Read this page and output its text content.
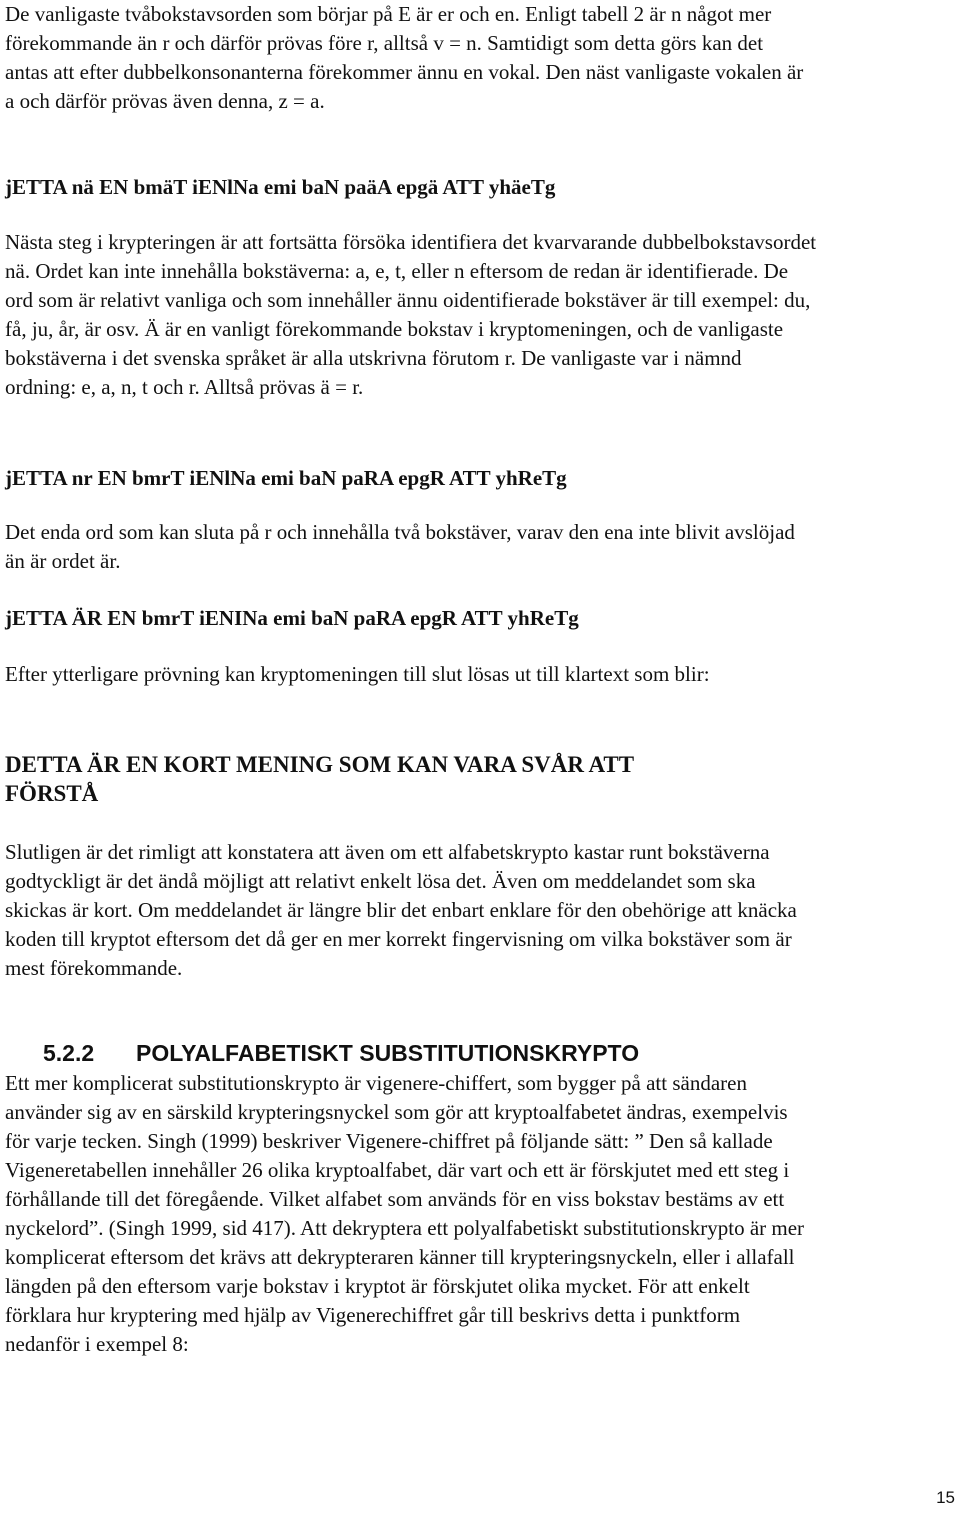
De vanligaste tvåbokstavsorden som börjar på E är er och en. Enligt tabell 2 är n något mer förekommande än r och därför prövas före r, alltså v = n. Samtidigt som detta görs kan det antas att efter dubbelkonsonanterna förekommer ännu en vokal. Den näst vanligaste vokalen är a och därför prövas även denna, z = a.

jETTA nä EN bmäT iENlNa emi baN paäA epgä ATT yhäeTg

Nästa steg i krypteringen är att fortsätta försöka identifiera det kvarvarande dubbelbokstavsordet nä. Ordet kan inte innehålla bokstäverna: a, e, t, eller n eftersom de redan är identifierade. De ord som är relativt vanliga och som innehåller ännu oidentifierade bokstäver är till exempel: du, få, ju, år, är osv. Ä är en vanligt förekommande bokstav i kryptomeningen, och de vanligaste bokstäverna i det svenska språket är alla utskrivna förutom r. De vanligaste var i nämnd ordning: e, a, n, t och r. Alltså prövas ä = r.

jETTA nr EN bmrT iENlNa emi baN paRA epgR ATT yhReTg

Det enda ord som kan sluta på r och innehålla två bokstäver, varav den ena inte blivit avslöjad än är ordet är.

jETTA ÄR EN bmrT iENINa emi baN paRA epgR ATT yhReTg

Efter ytterligare prövning kan kryptomeningen till slut lösas ut till klartext som blir:

DETTA ÄR EN KORT MENING SOM KAN VARA SVÅR ATT FÖRSTÅ

Slutligen är det rimligt att konstatera att även om ett alfabetskrypto kastar runt bokstäverna godtyckligt är det ändå möjligt att relativt enkelt lösa det. Även om meddelandet som ska skickas är kort. Om meddelandet är längre blir det enbart enklare för den obehörige att knäcka koden till kryptot eftersom det då ger en mer korrekt fingervisning om vilka bokstäver som är mest förekommande.

5.2.2 POLYALFABETISKT SUBSTITUTIONSKRYPTO

Ett mer komplicerat substitutionskrypto är vigenere-chiffert, som bygger på att sändaren använder sig av en särskild krypteringsnyckel som gör att kryptoalfabetet ändras, exempelvis för varje tecken. Singh (1999) beskriver Vigenere-chiffret på följande sätt: ” Den så kallade Vigeneretabellen innehåller 26 olika kryptoalfabet, där vart och ett är förskjutet med ett steg i förhållande till det föregående. Vilket alfabet som används för en viss bokstav bestäms av ett nyckelord”. (Singh 1999, sid 417). Att dekryptera ett polyalfabetiskt substitutionskrypto är mer komplicerat eftersom det krävs att dekrypteraren känner till krypteringsnyckeln, eller i allafall längden på den eftersom varje bokstav i kryptot är förskjutet olika mycket. För att enkelt förklara hur kryptering med hjälp av Vigenerechiffret går till beskrivs detta i punktform nedanför i exempel 8:

15
